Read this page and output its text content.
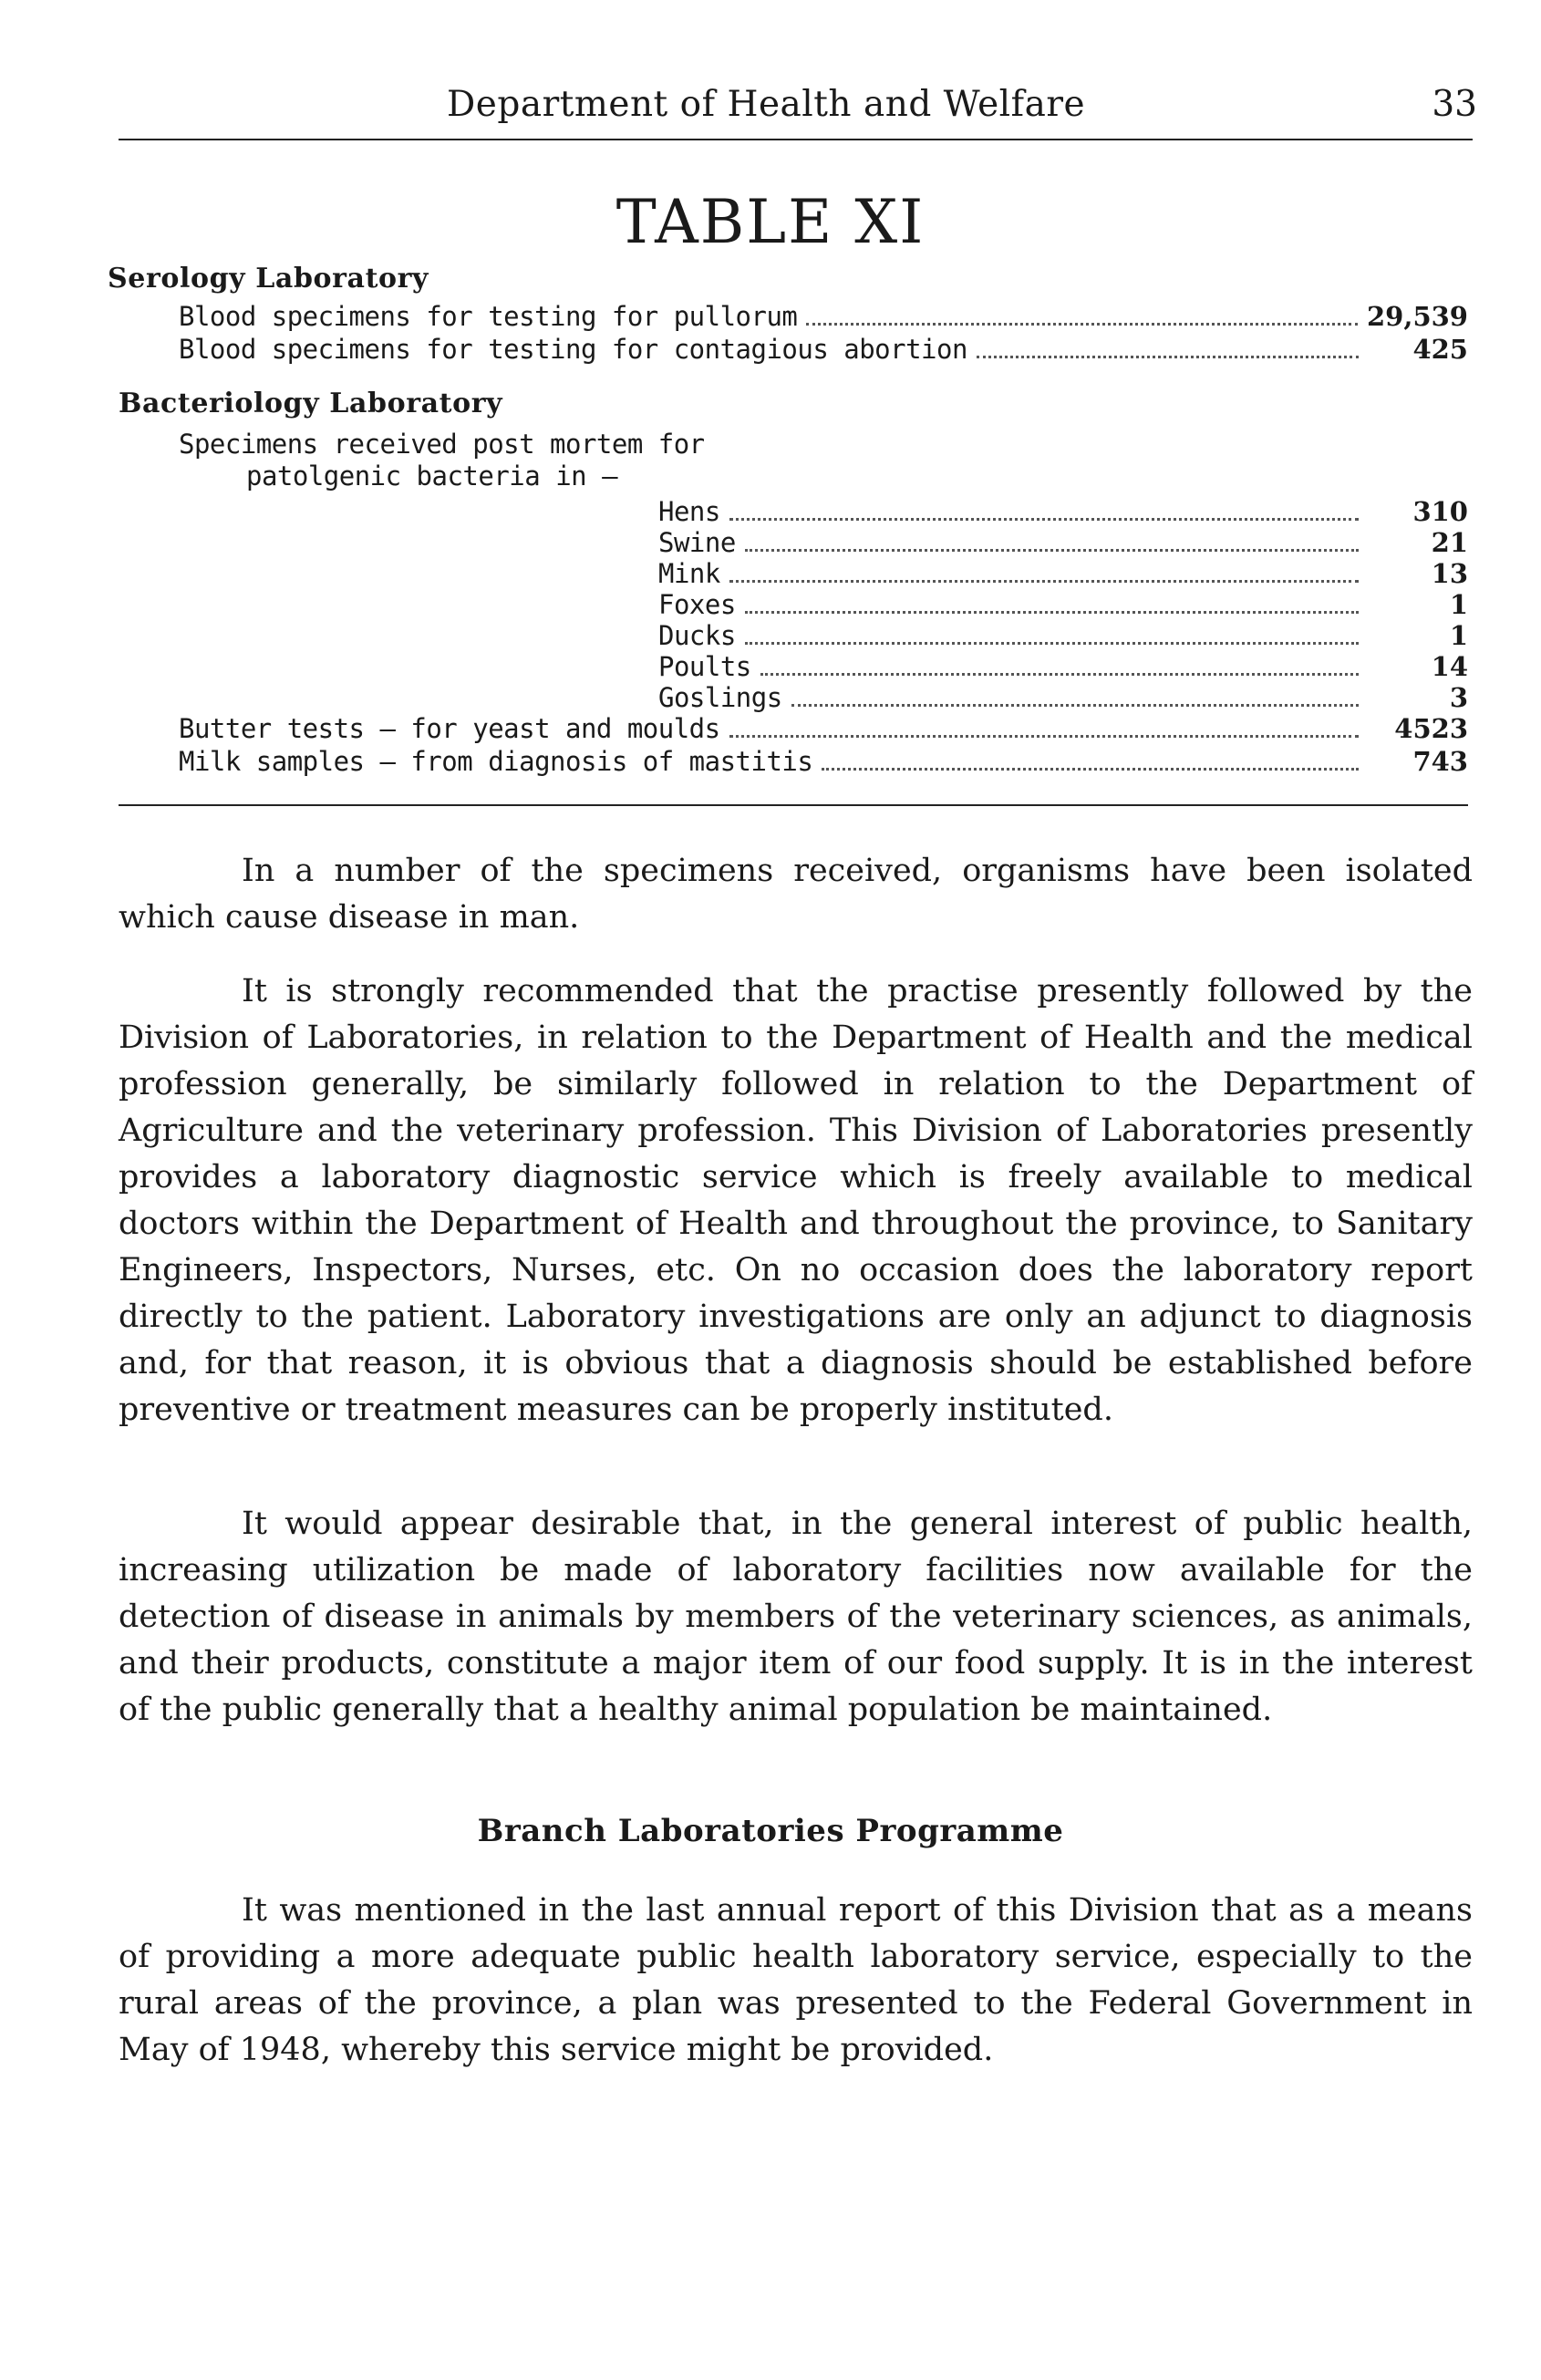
Department of Health and Welfare	33
TABLE XI
Serology Laboratory
Blood specimens for testing for pullorum	29,539
Blood specimens for testing for contagious abortion	425
Bacteriology Laboratory
Specimens received post mortem for
patolgenic bacteria in —
Hens	310
Swine	21
Mink	13
Foxes	1
Ducks	1
Poults	14
Goslings	3
Butter tests — for yeast and moulds	4523
Milk samples — from diagnosis of mastitis	743

In a number of the specimens received, organisms have been isolated which cause disease in man.

It is strongly recommended that the practise presently followed by the Division of Laboratories, in relation to the Department of Health and the medical profession generally, be similarly followed in relation to the Department of Agriculture and the veterinary profession. This Division of Laboratories presently provides a laboratory diagnostic service which is freely available to medical doctors within the Department of Health and throughout the province, to Sanitary Engineers, Inspectors, Nurses, etc. On no occasion does the laboratory report directly to the patient. Laboratory investigations are only an adjunct to diagnosis and, for that reason, it is obvious that a diagnosis should be established before preventive or treatment measures can be properly instituted.

It would appear desirable that, in the general interest of public health, increasing utilization be made of laboratory facilities now available for the detection of disease in animals by members of the veterinary sciences, as animals, and their products, constitute a major item of our food supply. It is in the interest of the public generally that a healthy animal population be maintained.

Branch Laboratories Programme

It was mentioned in the last annual report of this Division that as a means of providing a more adequate public health laboratory service, especially to the rural areas of the province, a plan was presented to the Federal Government in May of 1948, whereby this service might be provided.
